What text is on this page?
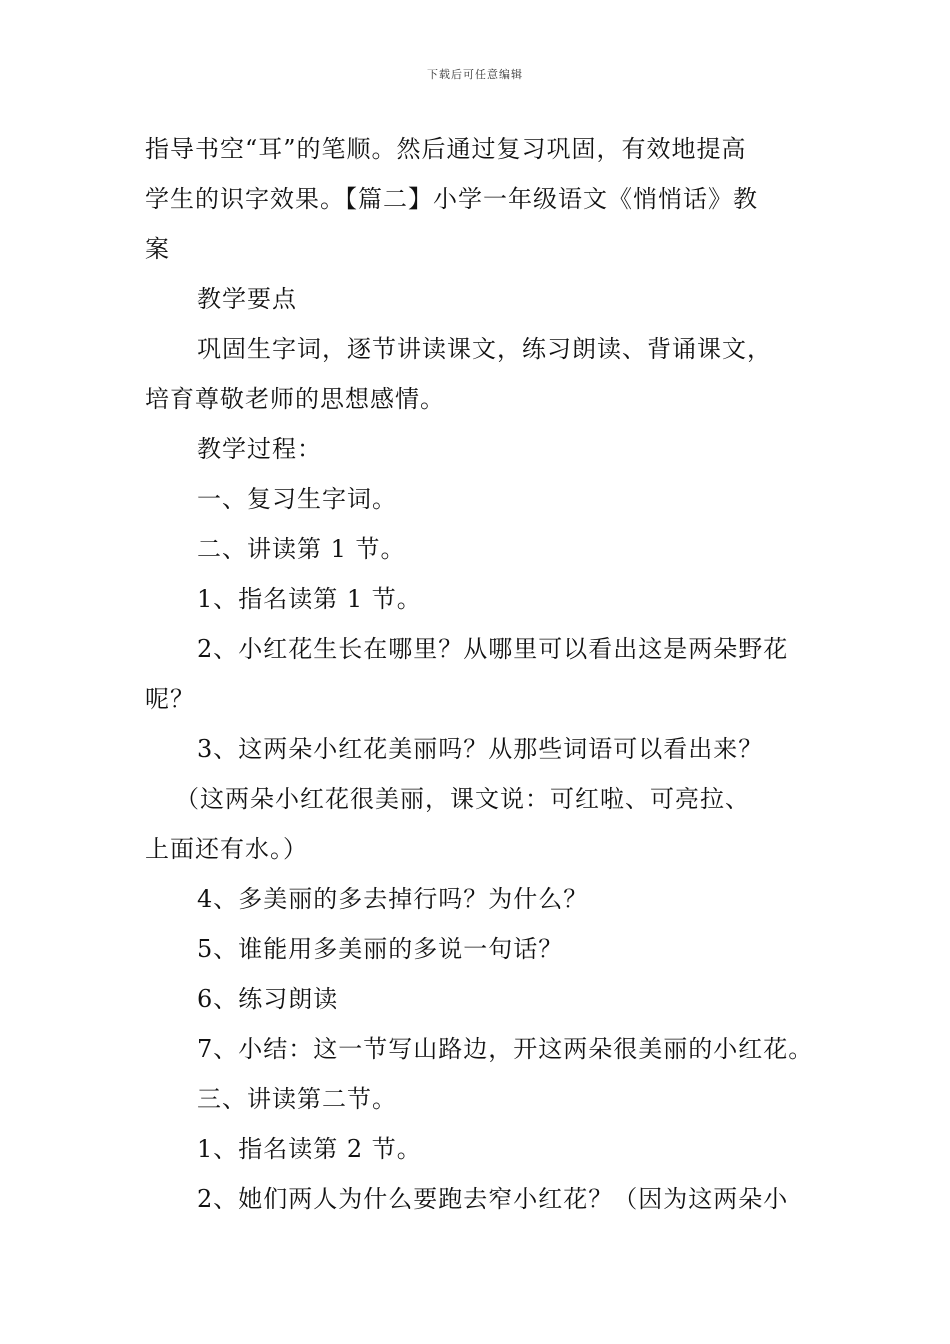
下载后可任意编辑
指导书空“耳”的笔顺。然后通过复习巩固，有效地提高
学生的识字效果。【篇二】小学一年级语文《悄悄话》教
案
教学要点
巩固生字词，逐节讲读课文，练习朗读、背诵课文，
培育尊敬老师的思想感情。
教学过程：
一、复习生字词。
二、讲读第 1 节。
1、指名读第 1 节。
2、小红花生长在哪里？从哪里可以看出这是两朵野花
呢？
3、这两朵小红花美丽吗？从那些词语可以看出来？
（这两朵小红花很美丽，课文说：可红啦、可亮拉、
上面还有水。）
4、多美丽的多去掉行吗？为什么？
5、谁能用多美丽的多说一句话？
6、练习朗读
7、小结：这一节写山路边，开这两朵很美丽的小红花。
三、讲读第二节。
1、指名读第 2 节。
2、她们两人为什么要跑去窄小红花？（因为这两朵小
